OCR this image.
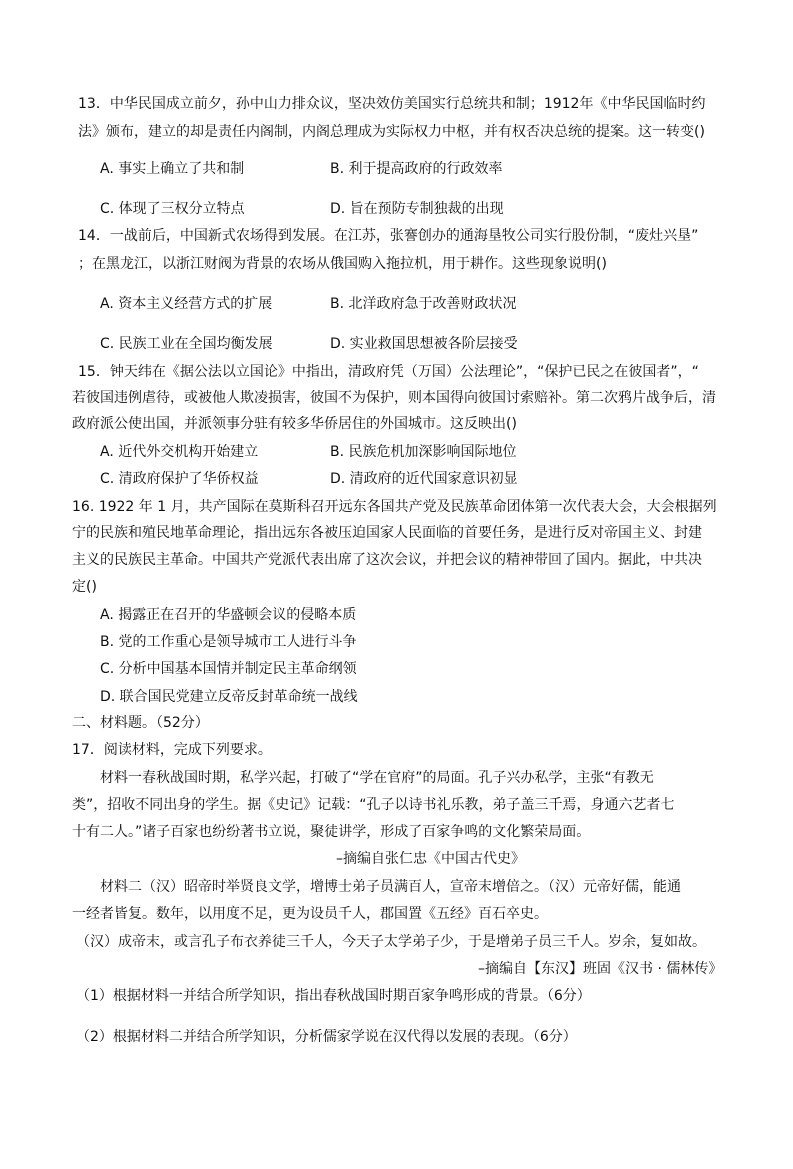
13．中华民国成立前夕，孙中山力排众议，坚决效仿美国实行总统共和制；1912年《中华民国临时约
法》颁布，建立的却是责任内阁制，内阁总理成为实际权力中枢，并有权否决总统的提案。这一转变()
A. 事实上确立了共和制	B. 利于提高政府的行政效率
C. 体现了三权分立特点	D. 旨在预防专制独裁的出现
14．一战前后，中国新式农场得到发展。在江苏，张謇创办的通海垦牧公司实行股份制，“废灶兴垦”
；在黑龙江，以浙江财阀为背景的农场从俄国购入拖拉机，用于耕作。这些现象说明()
A. 资本主义经营方式的扩展	B. 北洋政府急于改善财政状况
C. 民族工业在全国均衡发展	D. 实业救国思想被各阶层接受
15．钟天纬在《据公法以立国论》中指出，清政府凭（万国）公法理论”，“保护已民之在彼国者”，“
若彼国违例虐待，或被他人欺凌损害，彼国不为保护，则本国得向彼国讨索赔补。第二次鸦片战争后，清
政府派公使出国，并派领事分驻有较多华侨居住的外国城市。这反映出()
A. 近代外交机构开始建立	B. 民族危机加深影响国际地位
C. 清政府保护了华侨权益	D. 清政府的近代国家意识初显
16. 1922 年 1 月，共产国际在莫斯科召开远东各国共产党及民族革命团体第一次代表大会，大会根据列
宁的民族和殖民地革命理论，指出远东各被压迫国家人民面临的首要任务，是进行反对帝国主义、封建
主义的民族民主革命。中国共产党派代表出席了这次会议，并把会议的精神带回了国内。据此，中共决
定()
A. 揭露正在召开的华盛顿会议的侵略本质
B. 党的工作重心是领导城市工人进行斗争
C. 分析中国基本国情并制定民主革命纲领
D. 联合国民党建立反帝反封革命统一战线
二、材料题。（52分）
17．阅读材料，完成下列要求。
材料一春秋战国时期，私学兴起，打破了“学在官府”的局面。孔子兴办私学，主张“有教无
类”，招收不同出身的学生。据《史记》记载：“孔子以诗书礼乐教，弟子盖三千焉，身通六艺者七
十有二人。”诸子百家也纷纷著书立说，聚徒讲学，形成了百家争鸣的文化繁荣局面。
–摘编自张仁忠《中国古代史》
材料二（汉）昭帝时举贤良文学，增博士弟子员满百人，宣帝末增倍之。（汉）元帝好儒，能通
一经者皆复。数年，以用度不足，更为设员千人，郡国置《五经》百石卒史。
（汉）成帝末，或言孔子布衣养徒三千人，今天子太学弟子少，于是增弟子员三千人。岁余，复如故。
–摘编自【东汉】班固《汉书 · 儒林传》
（1）根据材料一并结合所学知识，指出春秋战国时期百家争鸣形成的背景。（6分）
（2）根据材料二并结合所学知识，分析儒家学说在汉代得以发展的表现。（6分）
